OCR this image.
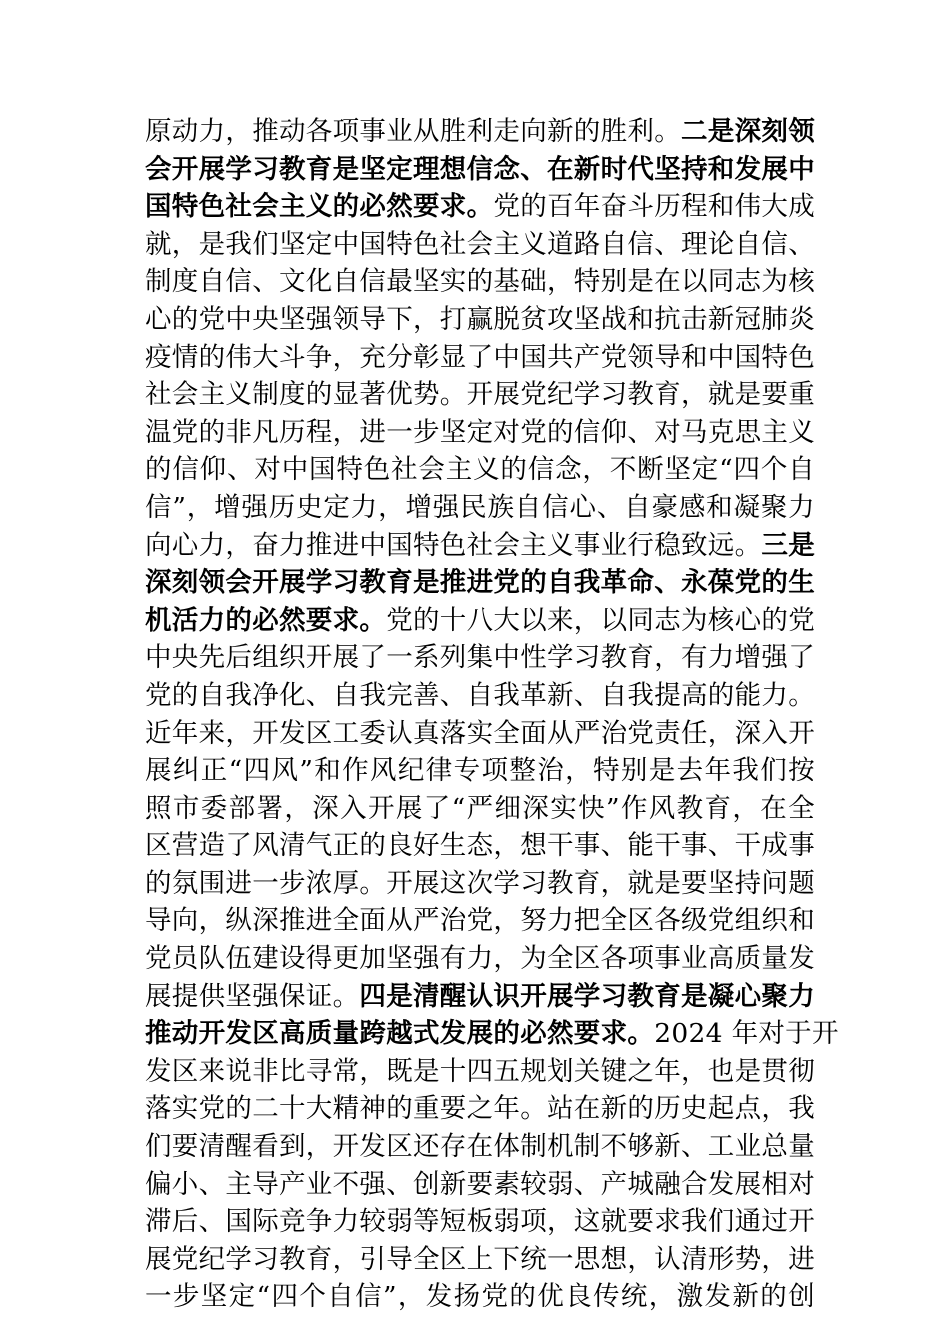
原动力，推动各项事业从胜利走向新的胜利。二是深刻领
会开展学习教育是坚定理想信念、在新时代坚持和发展中
国特色社会主义的必然要求。党的百年奋斗历程和伟大成
就，是我们坚定中国特色社会主义道路自信、理论自信、
制度自信、文化自信最坚实的基础，特别是在以同志为核
心的党中央坚强领导下，打赢脱贫攻坚战和抗击新冠肺炎
疫情的伟大斗争，充分彰显了中国共产党领导和中国特色
社会主义制度的显著优势。开展党纪学习教育，就是要重
温党的非凡历程，进一步坚定对党的信仰、对马克思主义
的信仰、对中国特色社会主义的信念，不断坚定“四个自
信”，增强历史定力，增强民族自信心、自豪感和凝聚力
向心力，奋力推进中国特色社会主义事业行稳致远。三是
深刻领会开展学习教育是推进党的自我革命、永葆党的生
机活力的必然要求。党的十八大以来，以同志为核心的党
中央先后组织开展了一系列集中性学习教育，有力增强了
党的自我净化、自我完善、自我革新、自我提高的能力。
近年来，开发区工委认真落实全面从严治党责任，深入开
展纠正“四风”和作风纪律专项整治，特别是去年我们按
照市委部署，深入开展了“严细深实快”作风教育，在全
区营造了风清气正的良好生态，想干事、能干事、干成事
的氛围进一步浓厚。开展这次学习教育，就是要坚持问题
导向，纵深推进全面从严治党，努力把全区各级党组织和
党员队伍建设得更加坚强有力，为全区各项事业高质量发
展提供坚强保证。四是清醒认识开展学习教育是凝心聚力
推动开发区高质量跨越式发展的必然要求。2024 年对于开
发区来说非比寻常，既是十四五规划关键之年，也是贯彻
落实党的二十大精神的重要之年。站在新的历史起点，我
们要清醒看到，开发区还存在体制机制不够新、工业总量
偏小、主导产业不强、创新要素较弱、产城融合发展相对
滞后、国际竞争力较弱等短板弱项，这就要求我们通过开
展党纪学习教育，引导全区上下统一思想，认清形势，进
一步坚定“四个自信”，发扬党的优良传统，激发新的创
